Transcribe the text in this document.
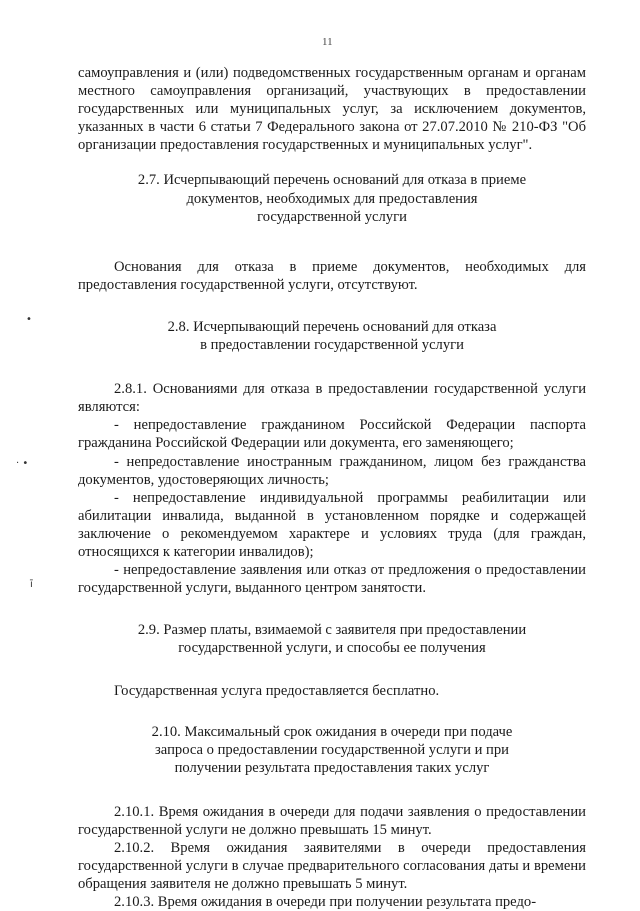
11
•
· •
ī

самоуправления и (или) подведомственных государственным органам и органам местного самоуправления организаций, участвующих в предоставлении государственных или муниципальных услуг, за исключением документов, указанных в части 6 статьи 7 Федерального закона от 27.07.2010 № 210-ФЗ "Об организации предоставления государственных и муниципальных услуг".

2.7. Исчерпывающий перечень оснований для отказа в приеме
документов, необходимых для предоставления
государственной услуги

Основания для отказа в приеме документов, необходимых для предоставления государственной услуги, отсутствуют.

2.8. Исчерпывающий перечень оснований для отказа
в предоставлении государственной услуги

2.8.1. Основаниями для отказа в предоставлении государственной услуги являются:

- непредоставление гражданином Российской Федерации паспорта гражданина Российской Федерации или документа, его заменяющего;

- непредоставление иностранным гражданином, лицом без гражданства документов, удостоверяющих личность;

- непредоставление индивидуальной программы реабилитации или абилитации инвалида, выданной в установленном порядке и содержащей заключение о рекомендуемом характере и условиях труда (для граждан, относящихся к категории инвалидов);

- непредоставление заявления или отказ от предложения о предоставлении государственной услуги, выданного центром занятости.

2.9. Размер платы, взимаемой с заявителя при предоставлении
государственной услуги, и способы ее получения

Государственная услуга предоставляется бесплатно.

2.10. Максимальный срок ожидания в очереди при подаче
запроса о предоставлении государственной услуги и при
получении результата предоставления таких услуг

2.10.1. Время ожидания в очереди для подачи заявления о предоставлении государственной услуги не должно превышать 15 минут.

2.10.2. Время ожидания заявителями в очереди предоставления государственной услуги в случае предварительного согласования даты и времени обращения заявителя не должно превышать 5 минут.

2.10.3. Время ожидания в очереди при получении результата предо-
